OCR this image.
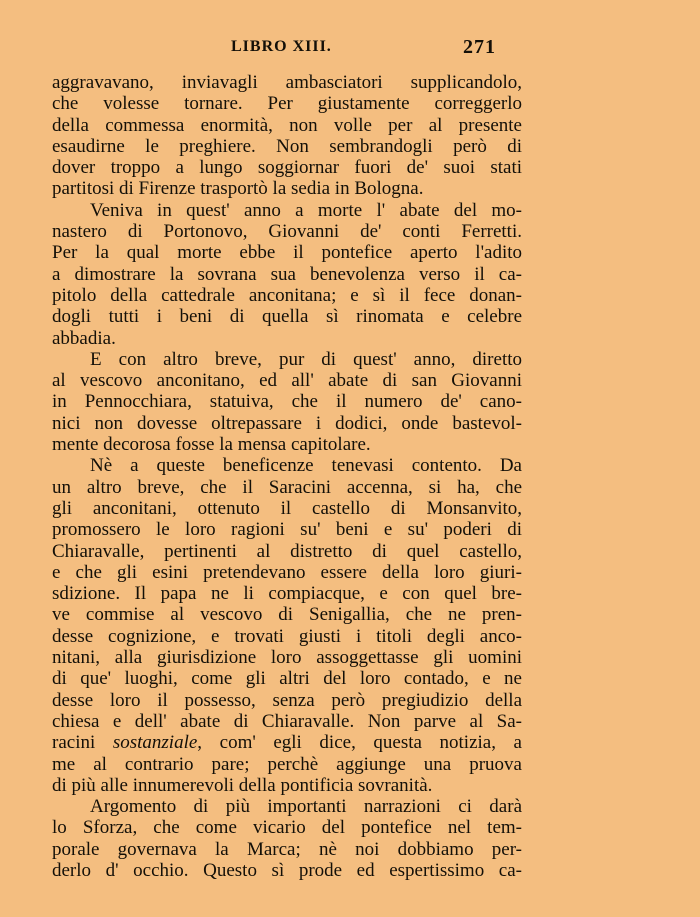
LIBRO XIII.	271
aggravavano, inviavagli ambasciatori supplicandolo,
che volesse tornare. Per giustamente correggerlo
della commessa enormità, non volle per al presente
esaudirne le preghiere. Non sembrandogli però di
dover troppo a lungo soggiornar fuori de' suoi stati
partitosi di Firenze trasportò la sedia in Bologna.
Veniva in quest' anno a morte l' abate del mo-
nastero di Portonovo, Giovanni de' conti Ferretti.
Per la qual morte ebbe il pontefice aperto l'adito
a dimostrare la sovrana sua benevolenza verso il ca-
pitolo della cattedrale anconitana; e sì il fece donan-
dogli tutti i beni di quella sì rinomata e celebre
abbadia.
E con altro breve, pur di quest' anno, diretto
al vescovo anconitano, ed all' abate di san Giovanni
in Pennocchiara, statuiva, che il numero de' cano-
nici non dovesse oltrepassare i dodici, onde bastevol-
mente decorosa fosse la mensa capitolare.
Nè a queste beneficenze tenevasi contento. Da
un altro breve, che il Saracini accenna, si ha, che
gli anconitani, ottenuto il castello di Monsanvito,
promossero le loro ragioni su' beni e su' poderi di
Chiaravalle, pertinenti al distretto di quel castello,
e che gli esini pretendevano essere della loro giuri-
sdizione. Il papa ne li compiacque, e con quel bre-
ve commise al vescovo di Senigallia, che ne pren-
desse cognizione, e trovati giusti i titoli degli anco-
nitani, alla giurisdizione loro assoggettasse gli uomini
di que' luoghi, come gli altri del loro contado, e ne
desse loro il possesso, senza però pregiudizio della
chiesa e dell' abate di Chiaravalle. Non parve al Sa-
racini sostanziale, com' egli dice, questa notizia, a
me al contrario pare; perchè aggiunge una pruova
di più alle innumerevoli della pontificia sovranità.
Argomento di più importanti narrazioni ci darà
lo Sforza, che come vicario del pontefice nel tem-
porale governava la Marca; nè noi dobbiamo per-
derlo d' occhio. Questo sì prode ed espertissimo ca-
